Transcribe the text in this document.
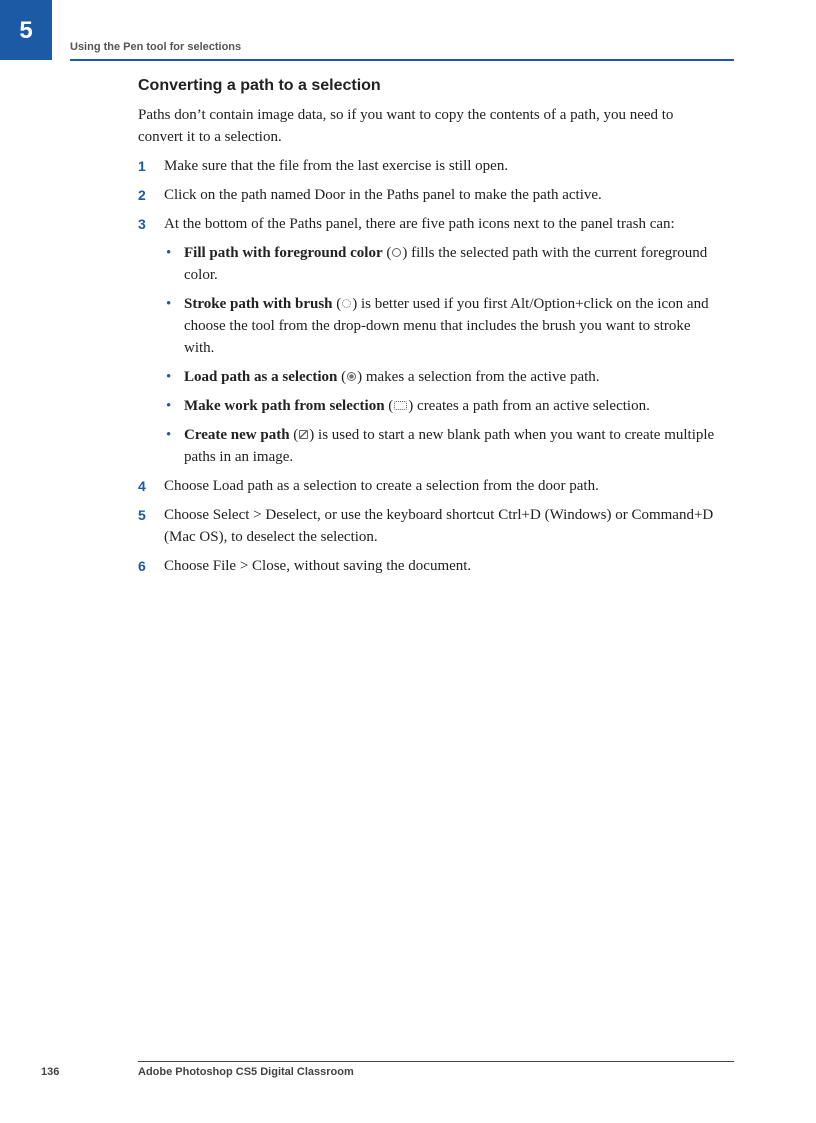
5
Using the Pen tool for selections
Converting a path to a selection

Paths don’t contain image data, so if you want to copy the contents of a path, you need to convert it to a selection.

1 Make sure that the file from the last exercise is still open.
2 Click on the path named Door in the Paths panel to make the path active.
3 At the bottom of the Paths panel, there are five path icons next to the panel trash can:
• Fill path with foreground color ( ) fills the selected path with the current foreground color.
• Stroke path with brush ( ) is better used if you first Alt/Option+click on the icon and choose the tool from the drop-down menu that includes the brush you want to stroke with.
• Load path as a selection ( ) makes a selection from the active path.
• Make work path from selection ( ) creates a path from an active selection.
• Create new path ( ) is used to start a new blank path when you want to create multiple paths in an image.
4 Choose Load path as a selection to create a selection from the door path.
5 Choose Select > Deselect, or use the keyboard shortcut Ctrl+D (Windows) or Command+D (Mac OS), to deselect the selection.
6 Choose File > Close, without saving the document.
136	Adobe Photoshop CS5 Digital Classroom
